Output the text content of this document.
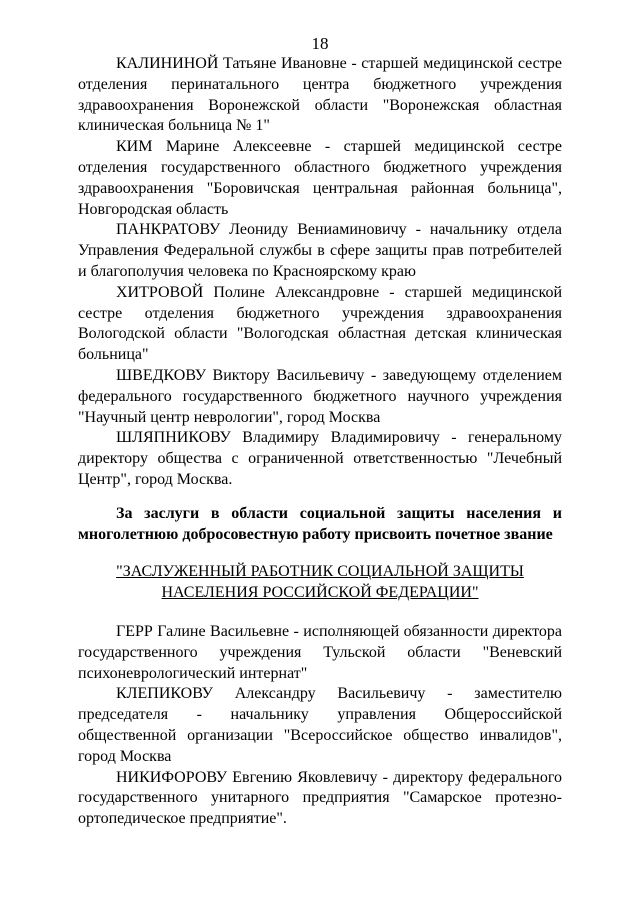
18

КАЛИНИНОЙ Татьяне Ивановне - старшей медицинской сестре отделения перинатального центра бюджетного учреждения здравоохранения Воронежской области "Воронежская областная клиническая больница № 1"

КИМ Марине Алексеевне - старшей медицинской сестре отделения государственного областного бюджетного учреждения здравоохранения "Боровичская центральная районная больница", Новгородская область

ПАНКРАТОВУ Леониду Вениаминовичу - начальнику отдела Управления Федеральной службы в сфере защиты прав потребителей и благополучия человека по Красноярскому краю

ХИТРОВОЙ Полине Александровне - старшей медицинской сестре отделения бюджетного учреждения здравоохранения Вологодской области "Вологодская областная детская клиническая больница"

ШВЕДКОВУ Виктору Васильевичу - заведующему отделением федерального государственного бюджетного научного учреждения "Научный центр неврологии", город Москва

ШЛЯПНИКОВУ Владимиру Владимировичу - генеральному директору общества с ограниченной ответственностью "Лечебный Центр", город Москва.

За заслуги в области социальной защиты населения и многолетнюю добросовестную работу присвоить почетное звание
"ЗАСЛУЖЕННЫЙ РАБОТНИК СОЦИАЛЬНОЙ ЗАЩИТЫ
НАСЕЛЕНИЯ РОССИЙСКОЙ ФЕДЕРАЦИИ"

ГЕРР Галине Васильевне - исполняющей обязанности директора государственного учреждения Тульской области "Веневский психоневрологический интернат"

КЛЕПИКОВУ Александру Васильевичу - заместителю председателя - начальнику управления Общероссийской общественной организации "Всероссийское общество инвалидов", город Москва

НИКИФОРОВУ Евгению Яковлевичу - директору федерального государственного унитарного предприятия "Самарское протезно-ортопедическое предприятие".
